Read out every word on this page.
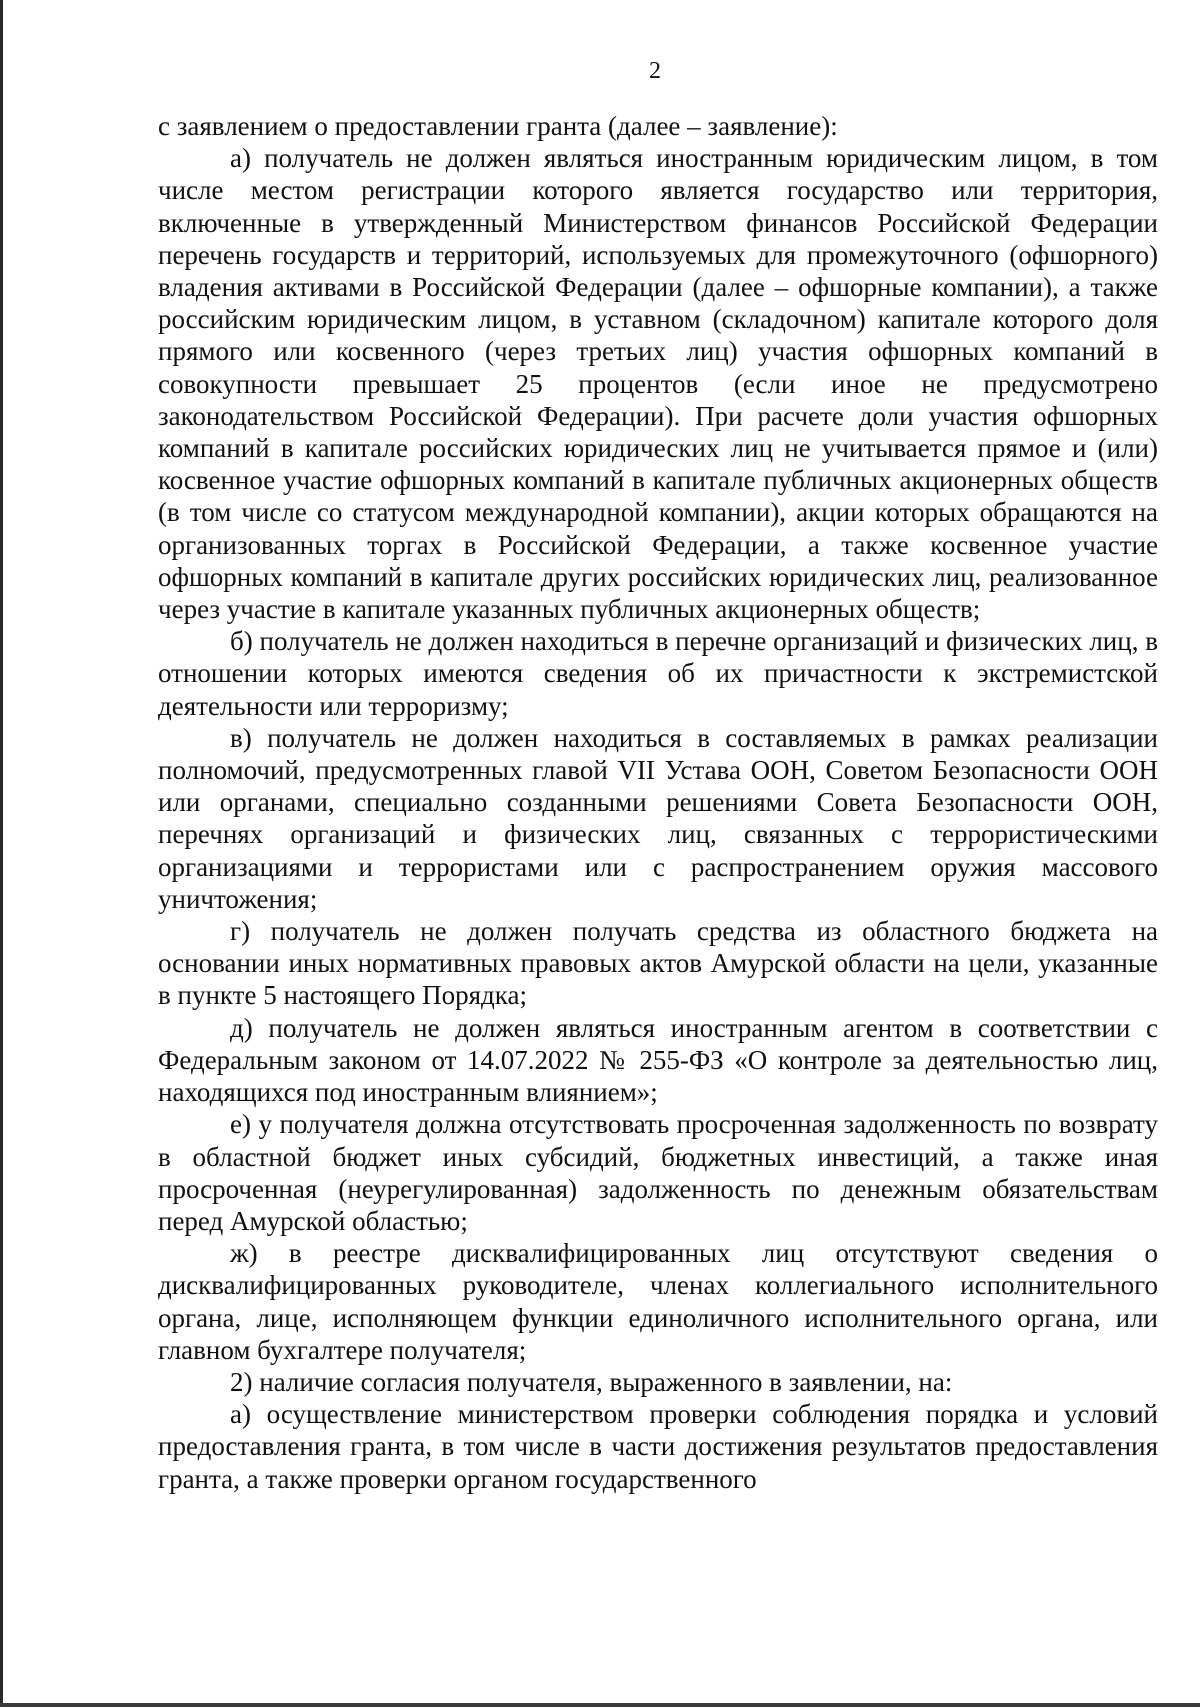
2

с заявлением о предоставлении гранта (далее – заявление):

а) получатель не должен являться иностранным юридическим лицом, в том числе местом регистрации которого является государство или территория, включенные в утвержденный Министерством финансов Российской Федерации перечень государств и территорий, используемых для промежуточного (офшорного) владения активами в Российской Федерации (далее – офшорные компании), а также российским юридическим лицом, в уставном (складочном) капитале которого доля прямого или косвенного (через третьих лиц) участия офшорных компаний в совокупности превышает 25 процентов (если иное не предусмотрено законодательством Российской Федерации). При расчете доли участия офшорных компаний в капитале российских юридических лиц не учитывается прямое и (или) косвенное участие офшорных компаний в капитале публичных акционерных обществ (в том числе со статусом международной компании), акции которых обращаются на организованных торгах в Российской Федерации, а также косвенное участие офшорных компаний в капитале других российских юридических лиц, реализованное через участие в капитале указанных публичных акционерных обществ;

б) получатель не должен находиться в перечне организаций и физических лиц, в отношении которых имеются сведения об их причастности к экстремистской деятельности или терроризму;

в) получатель не должен находиться в составляемых в рамках реализации полномочий, предусмотренных главой VII Устава ООН, Советом Безопасности ООН или органами, специально созданными решениями Совета Безопасности ООН, перечнях организаций и физических лиц, связанных с террористическими организациями и террористами или с распространением оружия массового уничтожения;

г) получатель не должен получать средства из областного бюджета на основании иных нормативных правовых актов Амурской области на цели, указанные в пункте 5 настоящего Порядка;

д) получатель не должен являться иностранным агентом в соответствии с Федеральным законом от 14.07.2022 № 255-ФЗ «О контроле за деятельностью лиц, находящихся под иностранным влиянием»;

е) у получателя должна отсутствовать просроченная задолженность по возврату в областной бюджет иных субсидий, бюджетных инвестиций, а также иная просроченная (неурегулированная) задолженность по денежным обязательствам перед Амурской областью;

ж) в реестре дисквалифицированных лиц отсутствуют сведения о дисквалифицированных руководителе, членах коллегиального исполнительного органа, лице, исполняющем функции единоличного исполнительного органа, или главном бухгалтере получателя;

2) наличие согласия получателя, выраженного в заявлении, на:

а) осуществление министерством проверки соблюдения порядка и условий предоставления гранта, в том числе в части достижения результатов предоставления гранта, а также проверки органом государственного
